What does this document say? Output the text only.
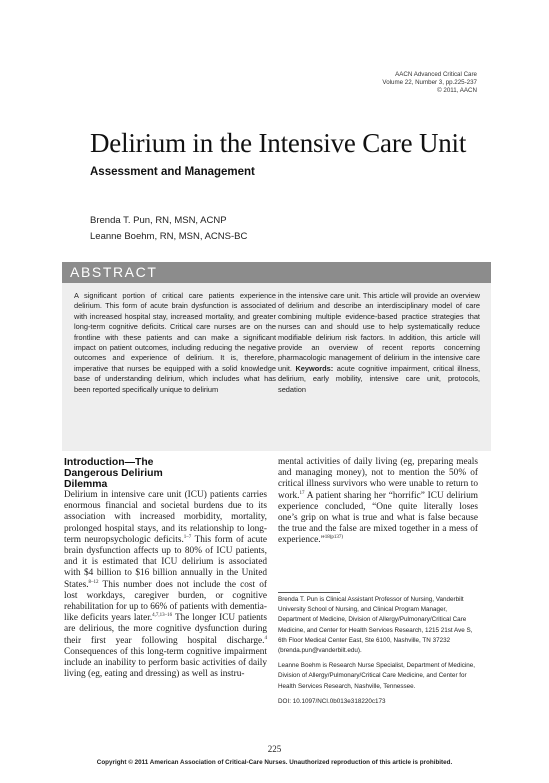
AACN Advanced Critical Care
Volume 22, Number 3, pp.225-237
© 2011, AACN
Delirium in the Intensive Care Unit
Assessment and Management
Brenda T. Pun, RN, MSN, ACNP
Leanne Boehm, RN, MSN, ACNS-BC
ABSTRACT
A significant portion of critical care patients experience delirium. This form of acute brain dysfunction is associated with increased hospital stay, increased mortality, and greater long-term cognitive deficits. Critical care nurses are on the frontline with these patients and can make a significant impact on patient outcomes, including reducing the negative outcomes and experience of delirium. It is, therefore, imperative that nurses be equipped with a solid knowledge base of understanding delirium, which includes what has been reported specifically unique to delirium
in the intensive care unit. This article will provide an overview of delirium and describe an interdisciplinary model of care combining multiple evidence-based practice strategies that nurses can and should use to help systematically reduce modifiable delirium risk factors. In addition, this article will provide an overview of recent reports concerning pharmacologic management of delirium in the intensive care unit. Keywords: acute cognitive impairment, critical illness, delirium, early mobility, intensive care unit, protocols, sedation
Introduction—The
Dangerous Delirium
Dilemma

Delirium in intensive care unit (ICU) patients carries enormous financial and societal burdens due to its association with increased morbidity, mortality, prolonged hospital stays, and its relationship to long-term neuropsychologic deficits.$^{1-7}$ This form of acute brain dysfunction affects up to 80% of ICU patients, and it is estimated that ICU delirium is associated with $4 billion to $16 billion annually in the United States.$^{8-12}$ This number does not include the cost of lost workdays, caregiver burden, or cognitive rehabilitation for up to 66% of patients with dementia-like deficits years later.$^{4,7,13-16}$ The longer ICU patients are delirious, the more cognitive dysfunction during their first year following hospital discharge.$^4$ Consequences of this long-term cognitive impairment include an inability to perform basic activities of daily living (eg, eating and dressing) as well as instru-

mental activities of daily living (eg, preparing meals and managing money), not to mention the 50% of critical illness survivors who were unable to return to work.$^{17}$ A patient sharing her “horrific” ICU delirium experience concluded, “One quite literally loses one’s grip on what is true and what is false because the true and the false are mixed together in a mess of experience.”$^{18(p137)}$

Brenda T. Pun is Clinical Assistant Professor of Nursing, Vanderbilt University School of Nursing, and Clinical Program Manager, Department of Medicine, Division of Allergy/Pulmonary/Critical Care Medicine, and Center for Health Services Research, 1215 21st Ave S, 6th Floor Medical Center East, Ste 6100, Nashville, TN 37232 (brenda.pun@vanderbilt.edu).

Leanne Boehm is Research Nurse Specialist, Department of Medicine, Division of Allergy/Pulmonary/Critical Care Medicine, and Center for Health Services Research, Nashville, Tennessee.

DOI: 10.1097/NCI.0b013e318220c173

225
Copyright © 2011 American Association of Critical-Care Nurses. Unauthorized reproduction of this article is prohibited.
